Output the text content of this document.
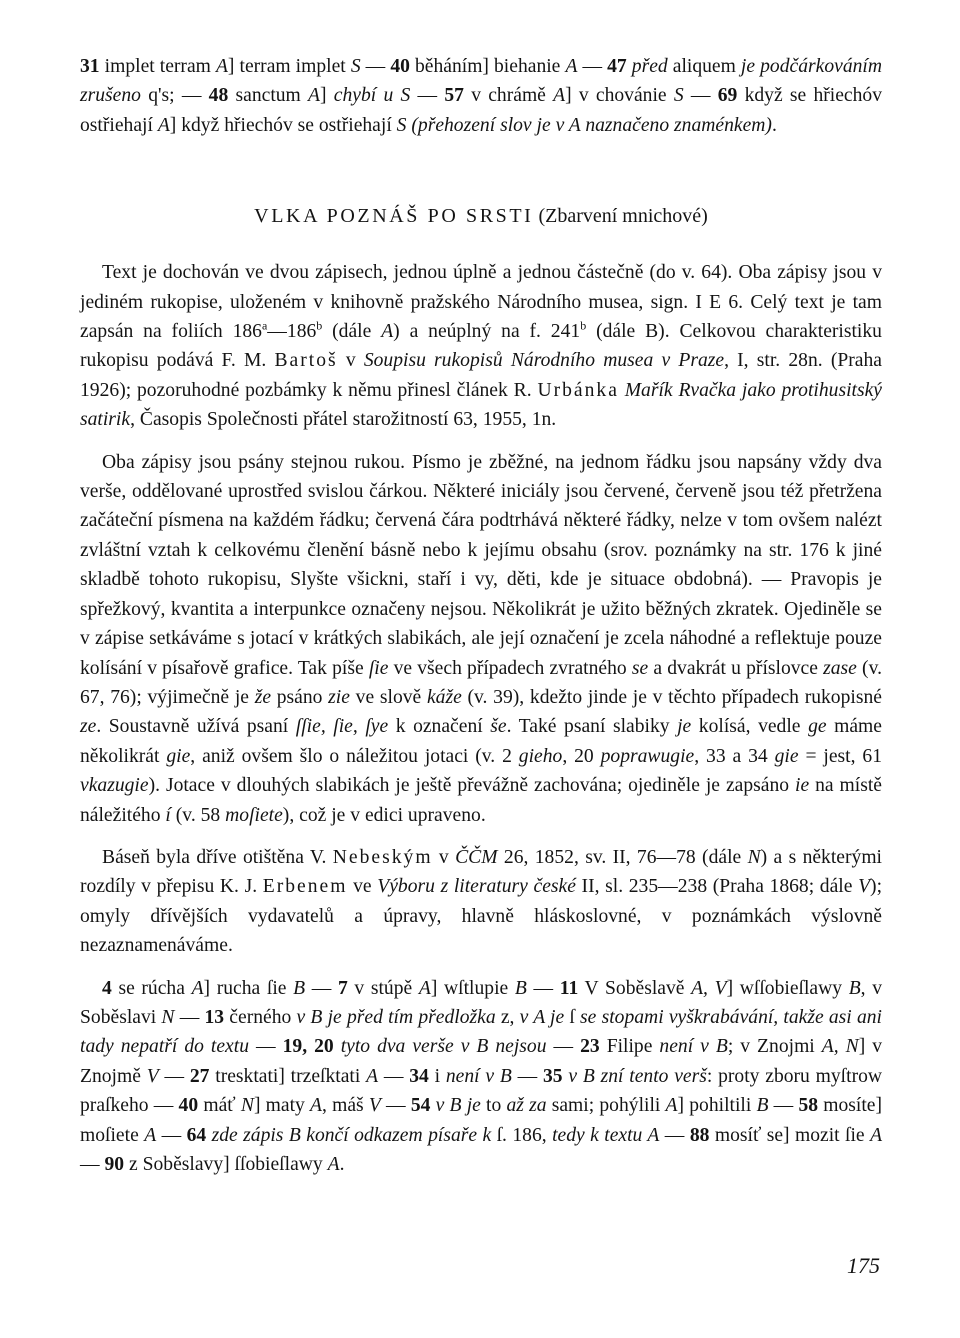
31 implet terram A] terram implet S — 40 běháním] biehanie A — 47 před aliquem je podčárkováním zrušeno q's; — 48 sanctum A] chybí u S — 57 v chrámě A] v chovánie S — 69 když se hřiechóv ostřiehají A] když hřiechóv se ostřiehají S (přehození slov je v A naznačeno znaménkem).

VLKA POZNÁŠ PO SRSTI (Zbarvení mnichové)

Text je dochován ve dvou zápisech, jednou úplně a jednou částečně (do v. 64). Oba zápisy jsou v jediném rukopise, uloženém v knihovně pražského Národního musea, sign. I E 6. Celý text je tam zapsán na foliích 186$^a$—186$^b$ (dále A) a neúplný na f. 241$^b$ (dále B). Celkovou charakteristiku rukopisu podává F. M. Bartoš v Soupisu rukopisů Národního musea v Praze, I, str. 28n. (Praha 1926); pozoruhodné pozbámky k němu přinesl článek R. Urbánka Mařík Rvačka jako protihusitský satirik, Časopis Společnosti přátel starožitností 63, 1955, 1n.

Oba zápisy jsou psány stejnou rukou. Písmo je zběžné, na jednom řádku jsou napsány vždy dva verše, oddělované uprostřed svislou čárkou. Některé iniciály jsou červené, červeně jsou též přetržena začáteční písmena na každém řádku; červená čára podtrhává některé řádky, nelze v tom ovšem nalézt zvláštní vztah k celkovému členění básně nebo k jejímu obsahu (srov. poznámky na str. 176 k jiné skladbě tohoto rukopisu, Slyšte všickni, staří i vy, děti, kde je situace obdobná). — Pravopis je spřežkový, kvantita a interpunkce označeny nejsou. Několikrát je užito běžných zkratek. Ojediněle se v zápise setkáváme s jotací v krátkých slabikách, ale její označení je zcela náhodné a reflektuje pouze kolísání v písařově grafice. Tak píše ſie ve všech případech zvratného se a dvakrát u příslovce zase (v. 67, 76); výjimečně je že psáno zie ve slově káže (v. 39), kdežto jinde je v těchto případech rukopisné ze. Soustavně užívá psaní ſſie, ſie, ſye k označení še. Také psaní slabiky je kolísá, vedle ge máme několikrát gie, aniž ovšem šlo o náležitou jotaci (v. 2 gieho, 20 poprawugie, 33 a 34 gie = jest, 61 vkazugie). Jotace v dlouhých slabikách je ještě převážně zachována; ojediněle je zapsáno ie na místě náležitého í (v. 58 moſiete), což je v edici upraveno.

Báseň byla dříve otištěna V. Nebeským v ČČM 26, 1852, sv. II, 76—78 (dále N) a s některými rozdíly v přepisu K. J. Erbenem ve Výboru z literatury české II, sl. 235—238 (Praha 1868; dále V); omyly dřívějších vydavatelů a úpravy, hlavně hláskoslovné, v poznámkách výslovně nezaznamenáváme.

4 se rúcha A] rucha ſie B — 7 v stúpě A] wſtlupie B — 11 V Soběslavě A, V] wſſobieſlawy B, v Soběslavi N — 13 černého v B je před tím předložka z, v A je ſ se stopami vyškrabávání, takže asi ani tady nepatří do textu — 19, 20 tyto dva verše v B nejsou — 23 Filipe není v B; v Znojmi A, N] v Znojmě V — 27 tresktati] trzeſktati A — 34 i není v B — 35 v B zní tento verš: proty zboru myſtrow praſkeho — 40 máť N] maty A, máš V — 54 v B je to až za sami; pohýlili A] pohiltili B — 58 mosíte] moſiete A — 64 zde zápis B končí odkazem písaře k ſ. 186, tedy k textu A — 88 mosíť se] mozit ſie A — 90 z Soběslavy] ſſobieſlawy A.

175
